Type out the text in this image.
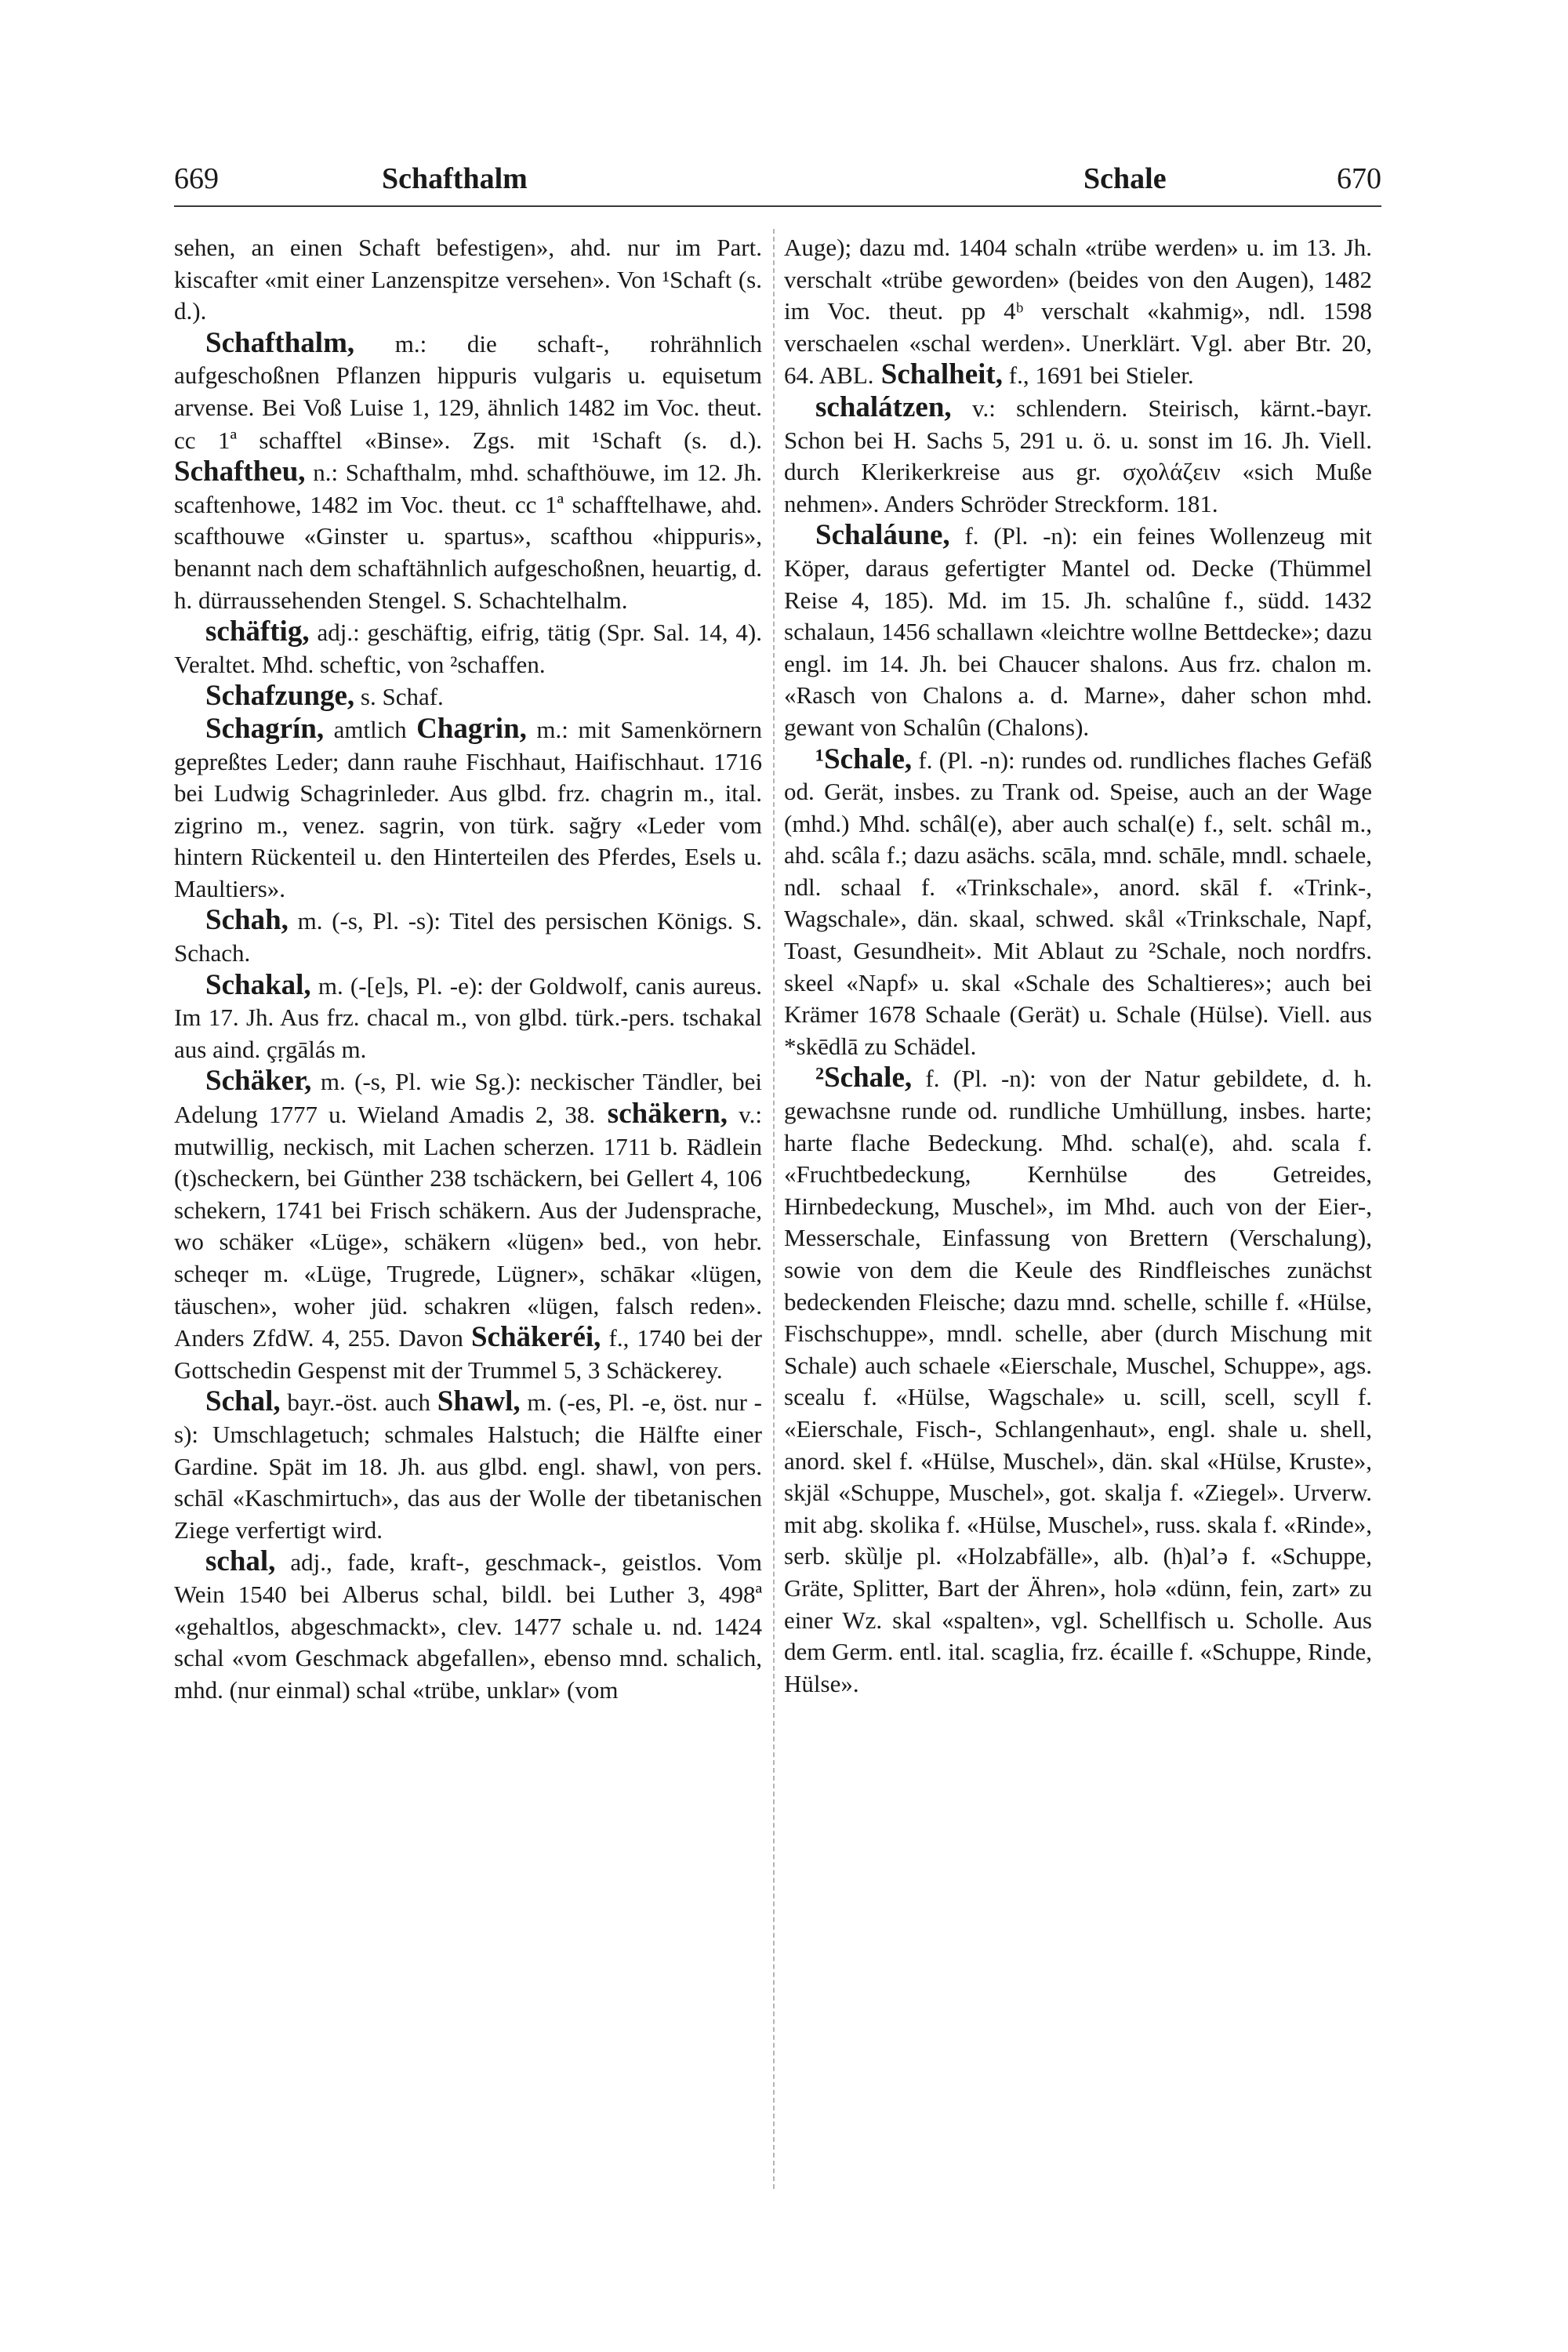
669	Schafthalm	Schale	670

sehen, an einen Schaft befestigen», ahd. nur im Part. kiscafter «mit einer Lanzenspitze versehen». Von ¹Schaft (s. d.).

Schafthalm, m.: die schaft-, rohrähnlich aufgeschoßnen Pflanzen hippuris vulgaris u. equisetum arvense. Bei Voß Luise 1, 129, ähnlich 1482 im Voc. theut. cc 1ª schafftel «Binse». Zgs. mit ¹Schaft (s. d.). Schaftheu, n.: Schafthalm, mhd. schafthöuwe, im 12. Jh. scaftenhowe, 1482 im Voc. theut. cc 1ª schafftelhawe, ahd. scafthouwe «Ginster u. spartus», scafthou «hippuris», benannt nach dem schaftähnlich aufgeschoßnen, heuartig, d. h. dürraussehenden Stengel. S. Schachtelhalm.

schäftig, adj.: geschäftig, eifrig, tätig (Spr. Sal. 14, 4). Veraltet. Mhd. scheftic, von ²schaffen.

Schafzunge, s. Schaf.

Schagrín, amtlich Chagrin, m.: mit Samenkörnern gepreßtes Leder; dann rauhe Fischhaut, Haifischhaut. 1716 bei Ludwig Schagrinleder. Aus glbd. frz. chagrin m., ital. zigrino m., venez. sagrin, von türk. sağry «Leder vom hintern Rückenteil u. den Hinterteilen des Pferdes, Esels u. Maultiers».

Schah, m. (-s, Pl. -s): Titel des persischen Königs. S. Schach.

Schakal, m. (-[e]s, Pl. -e): der Goldwolf, canis aureus. Im 17. Jh. Aus frz. chacal m., von glbd. türk.-pers. tschakal aus aind. çṛgālás m.

Schäker, m. (-s, Pl. wie Sg.): neckischer Tändler, bei Adelung 1777 u. Wieland Amadis 2, 38. schäkern, v.: mutwillig, neckisch, mit Lachen scherzen. 1711 b. Rädlein (t)scheckern, bei Günther 238 tschäckern, bei Gellert 4, 106 schekern, 1741 bei Frisch schäkern. Aus der Judensprache, wo schäker «Lüge», schäkern «lügen» bed., von hebr. scheqer m. «Lüge, Trugrede, Lügner», schākar «lügen, täuschen», woher jüd. schakren «lügen, falsch reden». Anders ZfdW. 4, 255. Davon Schäkeréi, f., 1740 bei der Gottschedin Gespenst mit der Trummel 5, 3 Schäckerey.

Schal, bayr.-öst. auch Shawl, m. (-es, Pl. -e, öst. nur -s): Umschlagetuch; schmales Halstuch; die Hälfte einer Gardine. Spät im 18. Jh. aus glbd. engl. shawl, von pers. schāl «Kaschmirtuch», das aus der Wolle der tibetanischen Ziege verfertigt wird.

schal, adj., fade, kraft-, geschmack-, geistlos. Vom Wein 1540 bei Alberus schal, bildl. bei Luther 3, 498ª «gehaltlos, abgeschmackt», clev. 1477 schale u. nd. 1424 schal «vom Geschmack abgefallen», ebenso mnd. schalich, mhd. (nur einmal) schal «trübe, unklar» (vom

Auge); dazu md. 1404 schaln «trübe werden» u. im 13. Jh. verschalt «trübe geworden» (beides von den Augen), 1482 im Voc. theut. pp 4ᵇ verschalt «kahmig», ndl. 1598 verschaelen «schal werden». Unerklärt. Vgl. aber Btr. 20, 64. ABL. Schalheit, f., 1691 bei Stieler.

schalátzen, v.: schlendern. Steirisch, kärnt.-bayr. Schon bei H. Sachs 5, 291 u. ö. u. sonst im 16. Jh. Viell. durch Klerikerkreise aus gr. σχολάζειν «sich Muße nehmen». Anders Schröder Streckform. 181.

Schaláune, f. (Pl. -n): ein feines Wollenzeug mit Köper, daraus gefertigter Mantel od. Decke (Thümmel Reise 4, 185). Md. im 15. Jh. schalûne f., südd. 1432 schalaun, 1456 schallawn «leichtre wollne Bettdecke»; dazu engl. im 14. Jh. bei Chaucer shalons. Aus frz. chalon m. «Rasch von Chalons a. d. Marne», daher schon mhd. gewant von Schalûn (Chalons).

¹Schale, f. (Pl. -n): rundes od. rundliches flaches Gefäß od. Gerät, insbes. zu Trank od. Speise, auch an der Wage (mhd.) Mhd. schâl(e), aber auch schal(e) f., selt. schâl m., ahd. scâla f.; dazu asächs. scāla, mnd. schāle, mndl. schaele, ndl. schaal f. «Trinkschale», anord. skāl f. «Trink-, Wagschale», dän. skaal, schwed. skål «Trinkschale, Napf, Toast, Gesundheit». Mit Ablaut zu ²Schale, noch nordfrs. skeel «Napf» u. skal «Schale des Schaltieres»; auch bei Krämer 1678 Schaale (Gerät) u. Schale (Hülse). Viell. aus *skēdlā zu Schädel.

²Schale, f. (Pl. -n): von der Natur gebildete, d. h. gewachsne runde od. rundliche Umhüllung, insbes. harte; harte flache Bedeckung. Mhd. schal(e), ahd. scala f. «Fruchtbedeckung, Kernhülse des Getreides, Hirnbedeckung, Muschel», im Mhd. auch von der Eier-, Messerschale, Einfassung von Brettern (Verschalung), sowie von dem die Keule des Rindfleisches zunächst bedeckenden Fleische; dazu mnd. schelle, schille f. «Hülse, Fischschuppe», mndl. schelle, aber (durch Mischung mit Schale) auch schaele «Eierschale, Muschel, Schuppe», ags. scealu f. «Hülse, Wagschale» u. scill, scell, scyll f. «Eierschale, Fisch-, Schlangenhaut», engl. shale u. shell, anord. skel f. «Hülse, Muschel», dän. skal «Hülse, Kruste», skjäl «Schuppe, Muschel», got. skalja f. «Ziegel». Urverw. mit abg. skolika f. «Hülse, Muschel», russ. skala f. «Rinde», serb. skȕlje pl. «Holzabfälle», alb. (h)al’ə f. «Schuppe, Gräte, Splitter, Bart der Ähren», holə «dünn, fein, zart» zu einer Wz. skal «spalten», vgl. Schellfisch u. Scholle. Aus dem Germ. entl. ital. scaglia, frz. écaille f. «Schuppe, Rinde, Hülse».
